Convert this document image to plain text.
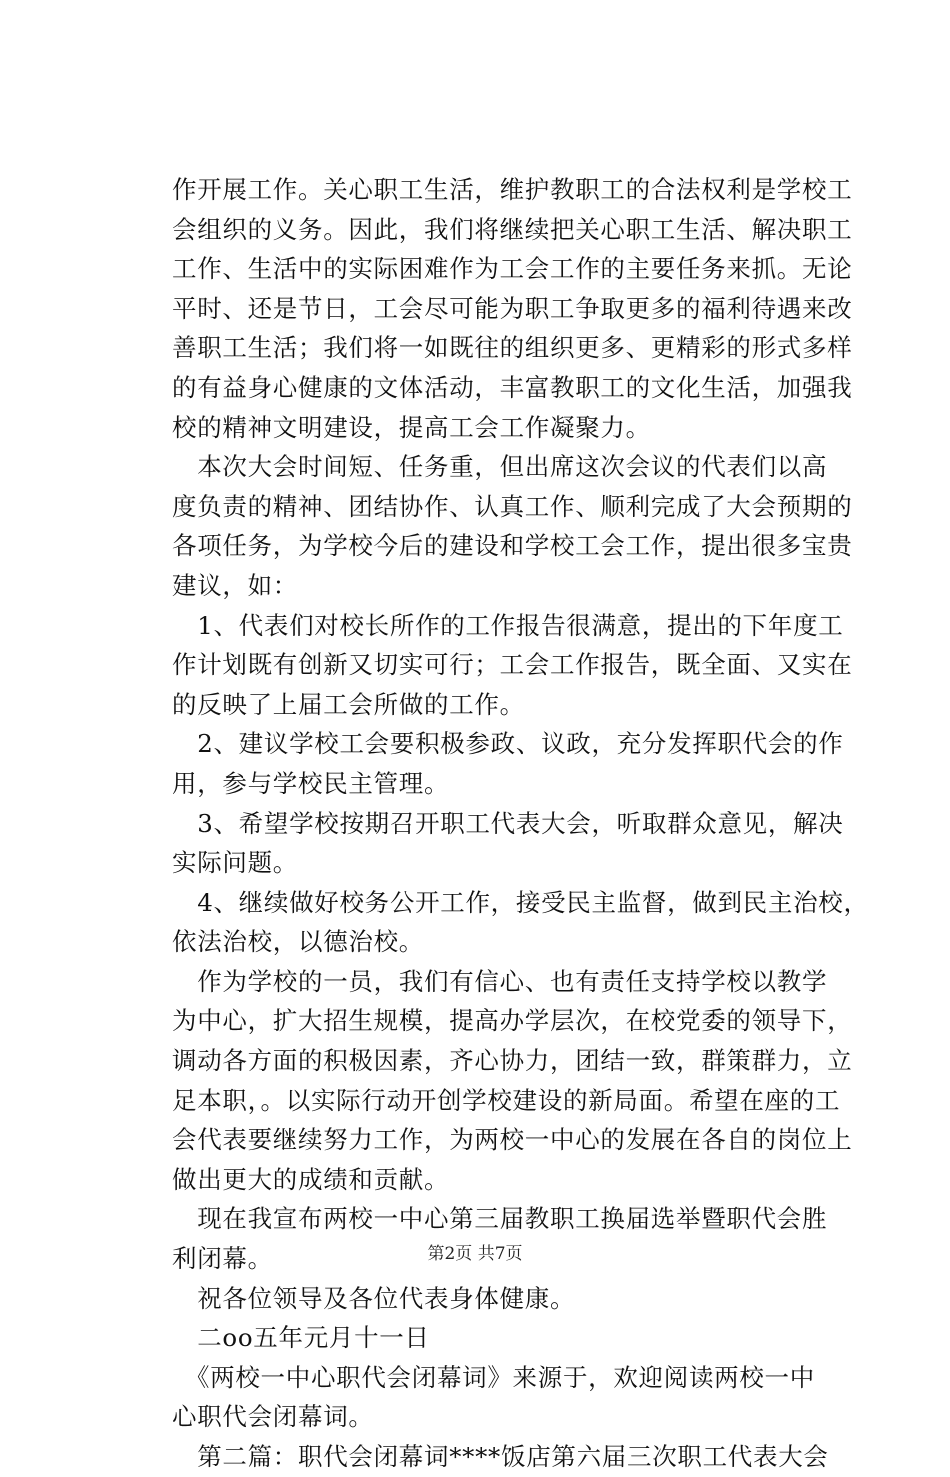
作开展工作。关心职工生活，维护教职工的合法权利是学校工
会组织的义务。因此，我们将继续把关心职工生活、解决职工
工作、生活中的实际困难作为工会工作的主要任务来抓。无论
平时、还是节日，工会尽可能为职工争取更多的福利待遇来改
善职工生活；我们将一如既往的组织更多、更精彩的形式多样
的有益身心健康的文体活动，丰富教职工的文化生活，加强我
校的精神文明建设，提高工会工作凝聚力。
　本次大会时间短、任务重，但出席这次会议的代表们以高
度负责的精神、团结协作、认真工作、顺利完成了大会预期的
各项任务，为学校今后的建设和学校工会工作，提出很多宝贵
建议，如：
　1、代表们对校长所作的工作报告很满意，提出的下年度工
作计划既有创新又切实可行；工会工作报告，既全面、又实在
的反映了上届工会所做的工作。
　2、建议学校工会要积极参政、议政，充分发挥职代会的作
用，参与学校民主管理。
　3、希望学校按期召开职工代表大会，听取群众意见，解决
实际问题。
　4、继续做好校务公开工作，接受民主监督，做到民主治校，
依法治校，以德治校。
　作为学校的一员，我们有信心、也有责任支持学校以教学
为中心，扩大招生规模，提高办学层次，在校党委的领导下，
调动各方面的积极因素，齐心协力，团结一致，群策群力，立
足本职，。以实际行动开创学校建设的新局面。希望在座的工
会代表要继续努力工作，为两校一中心的发展在各自的岗位上
做出更大的成绩和贡献。
　现在我宣布两校一中心第三届教职工换届选举暨职代会胜
利闭幕。
　祝各位领导及各位代表身体健康。
　二oo五年元月十一日
　《两校一中心职代会闭幕词》来源于，欢迎阅读两校一中
心职代会闭幕词。
　第二篇：职代会闭幕词****饭店第六届三次职工代表大会
第2页 共7页
